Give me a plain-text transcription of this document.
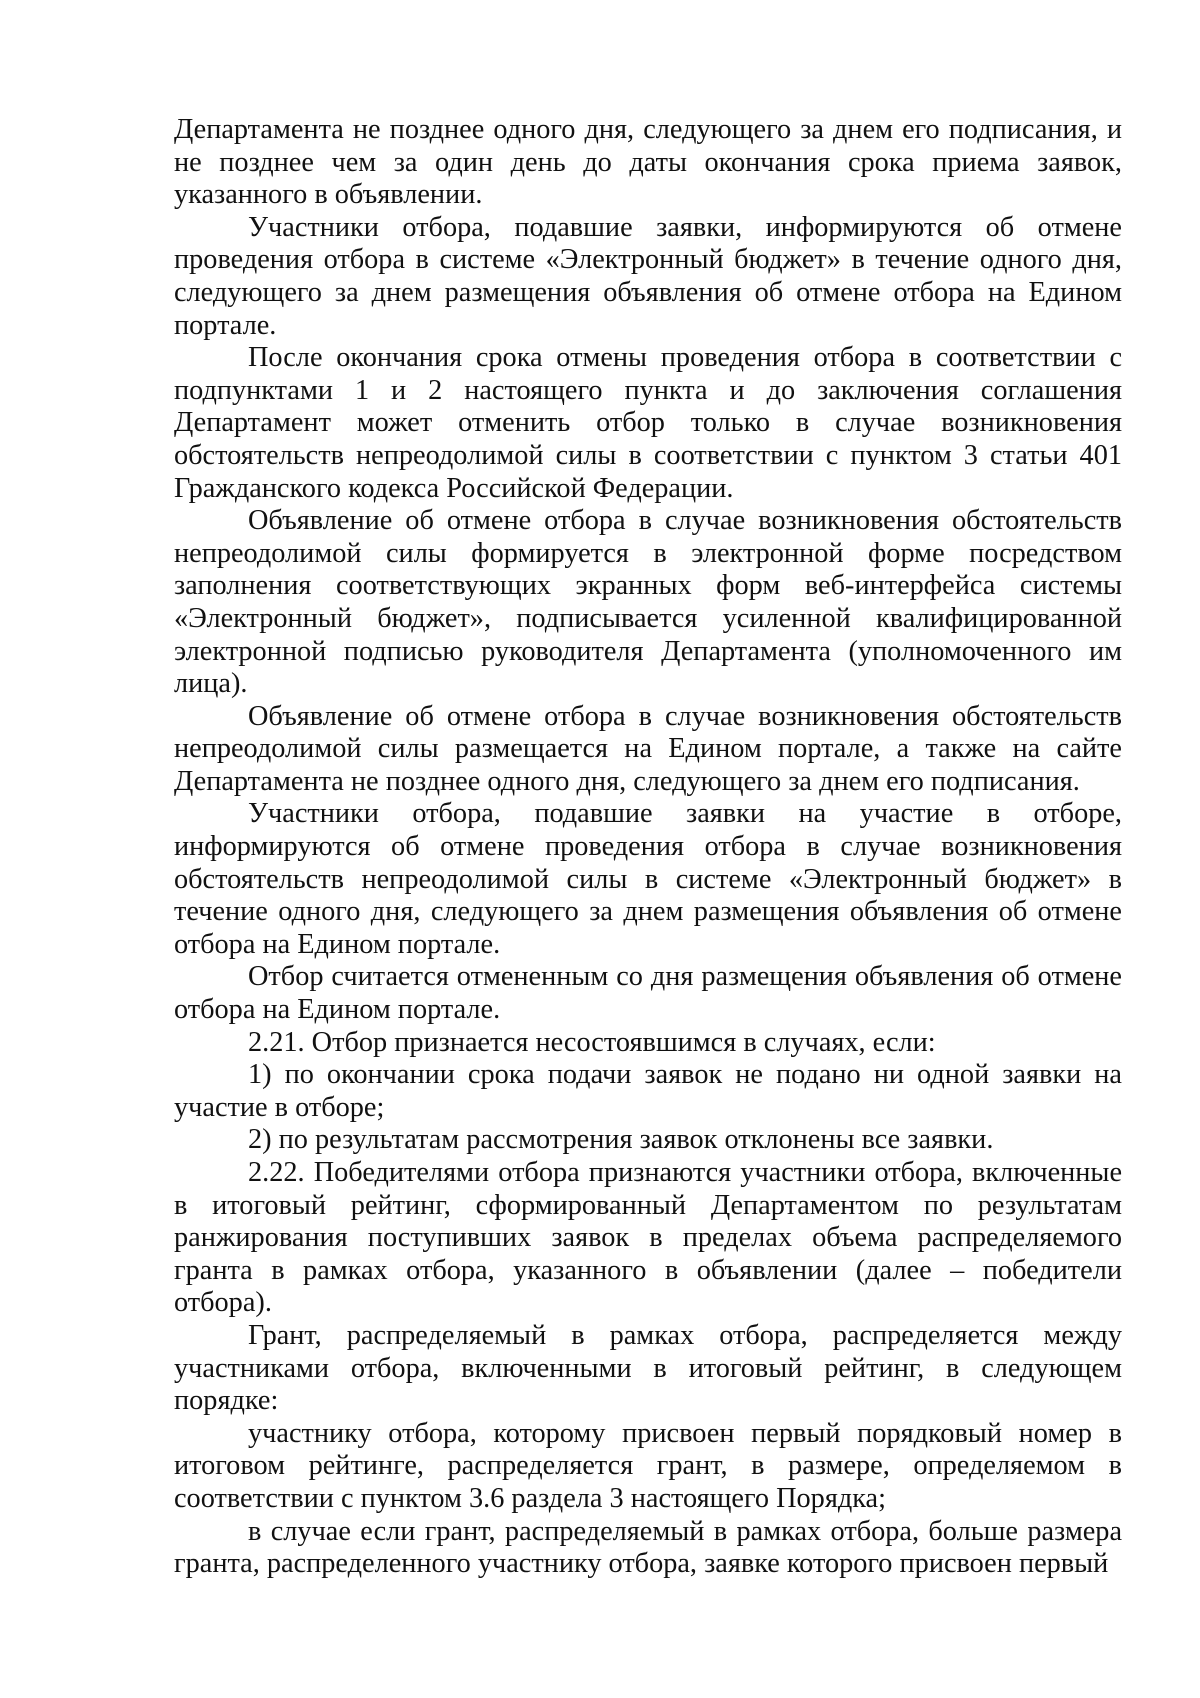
Департамента не позднее одного дня, следующего за днем его подписания, и не позднее чем за один день до даты окончания срока приема заявок, указанного в объявлении.

Участники отбора, подавшие заявки, информируются об отмене проведения отбора в системе «Электронный бюджет» в течение одного дня, следующего за днем размещения объявления об отмене отбора на Едином портале.

После окончания срока отмены проведения отбора в соответствии с подпунктами 1 и 2 настоящего пункта и до заключения соглашения Департамент может отменить отбор только в случае возникновения обстоятельств непреодолимой силы в соответствии с пунктом 3 статьи 401 Гражданского кодекса Российской Федерации.

Объявление об отмене отбора в случае возникновения обстоятельств непреодолимой силы формируется в электронной форме посредством заполнения соответствующих экранных форм веб-интерфейса системы «Электронный бюджет», подписывается усиленной квалифицированной электронной подписью руководителя Департамента (уполномоченного им лица).

Объявление об отмене отбора в случае возникновения обстоятельств непреодолимой силы размещается на Едином портале, а также на сайте Департамента не позднее одного дня, следующего за днем его подписания.

Участники отбора, подавшие заявки на участие в отборе, информируются об отмене проведения отбора в случае возникновения обстоятельств непреодолимой силы в системе «Электронный бюджет» в течение одного дня, следующего за днем размещения объявления об отмене отбора на Едином портале.

Отбор считается отмененным со дня размещения объявления об отмене отбора на Едином портале.

2.21. Отбор признается несостоявшимся в случаях, если:

1) по окончании срока подачи заявок не подано ни одной заявки на участие в отборе;

2) по результатам рассмотрения заявок отклонены все заявки.

2.22. Победителями отбора признаются участники отбора, включенные в итоговый рейтинг, сформированный Департаментом по результатам ранжирования поступивших заявок в пределах объема распределяемого гранта в рамках отбора, указанного в объявлении (далее – победители отбора).

Грант, распределяемый в рамках отбора, распределяется между участниками отбора, включенными в итоговый рейтинг, в следующем порядке:

участнику отбора, которому присвоен первый порядковый номер в итоговом рейтинге, распределяется грант, в размере, определяемом в соответствии с пунктом 3.6 раздела 3 настоящего Порядка;

в случае если грант, распределяемый в рамках отбора, больше размера гранта, распределенного участнику отбора, заявке которого присвоен первый
